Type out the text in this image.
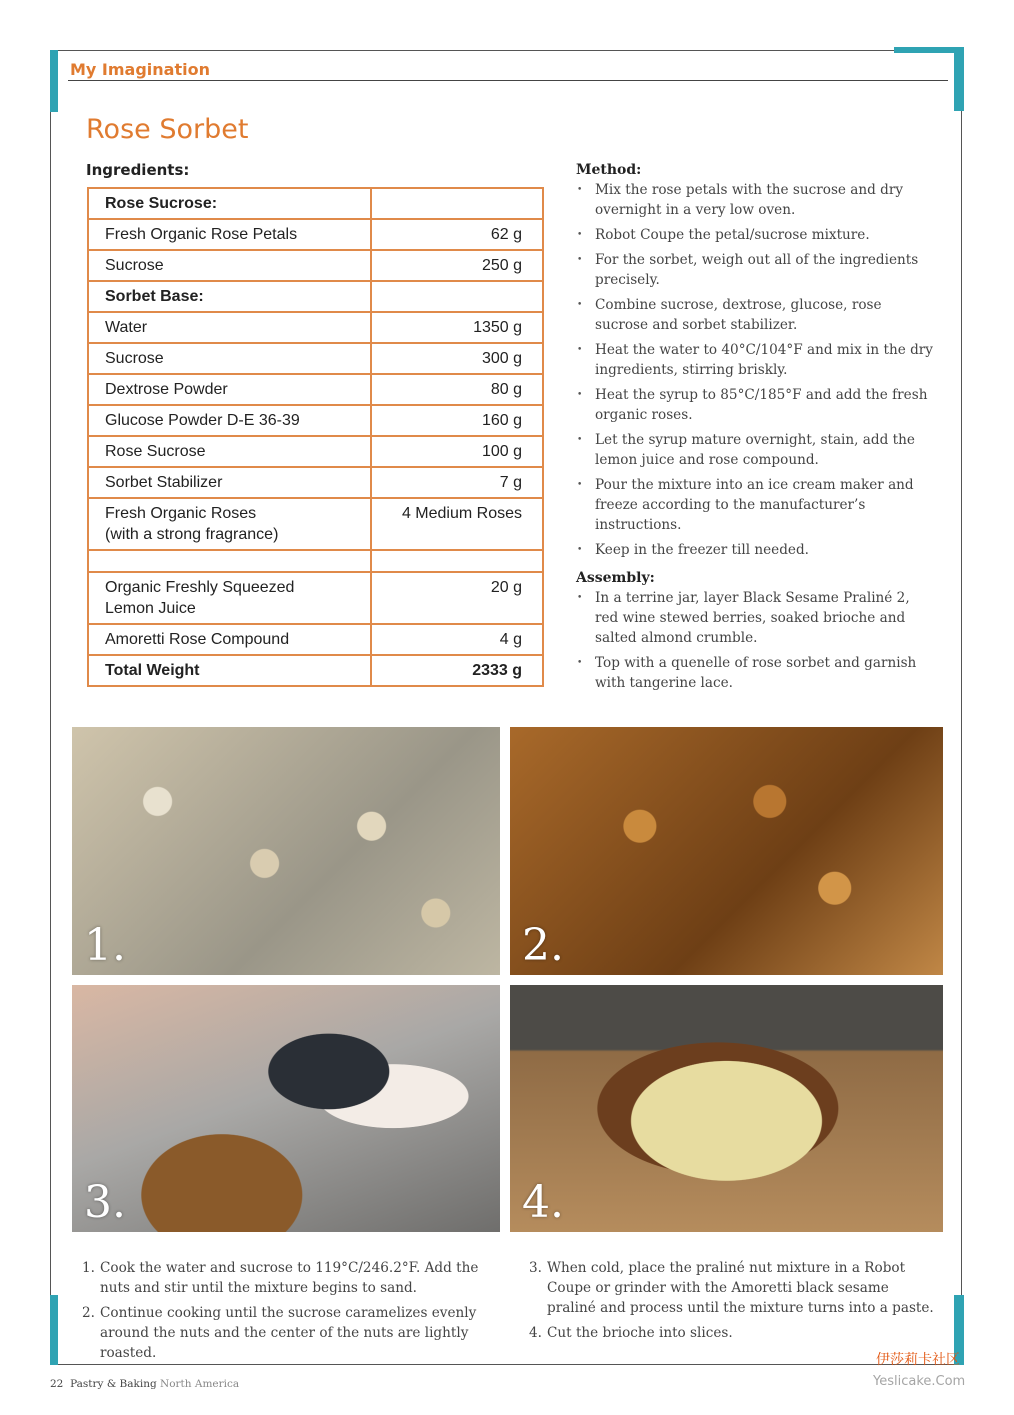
My Imagination
Rose Sorbet
Ingredients:
Rose Sucrose:	
Fresh Organic Rose Petals	62 g
Sucrose	250 g
Sorbet Base:	
Water	1350 g
Sucrose	300 g
Dextrose Powder	80 g
Glucose Powder D-E 36-39	160 g
Rose Sucrose	100 g
Sorbet Stabilizer	7 g
Fresh Organic Roses
(with a strong fragrance)	4 Medium Roses

Organic Freshly Squeezed
Lemon Juice	20 g
Amoretti Rose Compound	4 g
Total Weight	2333 g
Method:
• Mix the rose petals with the sucrose and dry overnight in a very low oven.
• Robot Coupe the petal/sucrose mixture.
• For the sorbet, weigh out all of the ingredients precisely.
• Combine sucrose, dextrose, glucose, rose sucrose and sorbet stabilizer.
• Heat the water to 40°C/104°F and mix in the dry ingredients, stirring briskly.
• Heat the syrup to 85°C/185°F and add the fresh organic roses.
• Let the syrup mature overnight, stain, add the lemon juice and rose compound.
• Pour the mixture into an ice cream maker and freeze according to the manufacturer’s instructions.
• Keep in the freezer till needed.
Assembly:
• In a terrine jar, layer Black Sesame Praliné 2, red wine stewed berries, soaked brioche and salted almond crumble.
• Top with a quenelle of rose sorbet and garnish with tangerine lace.
1.	2.
3.	4.
1. Cook the water and sucrose to 119°C/246.2°F. Add the nuts and stir until the mixture begins to sand.
2. Continue cooking until the sucrose caramelizes evenly around the nuts and the center of the nuts are lightly roasted.
3. When cold, place the praliné nut mixture in a Robot Coupe or grinder with the Amoretti black sesame praliné and process until the mixture turns into a paste.
4. Cut the brioche into slices.
22 Pastry & Baking North America
伊莎莉卡社区
Yeslicake.Com
